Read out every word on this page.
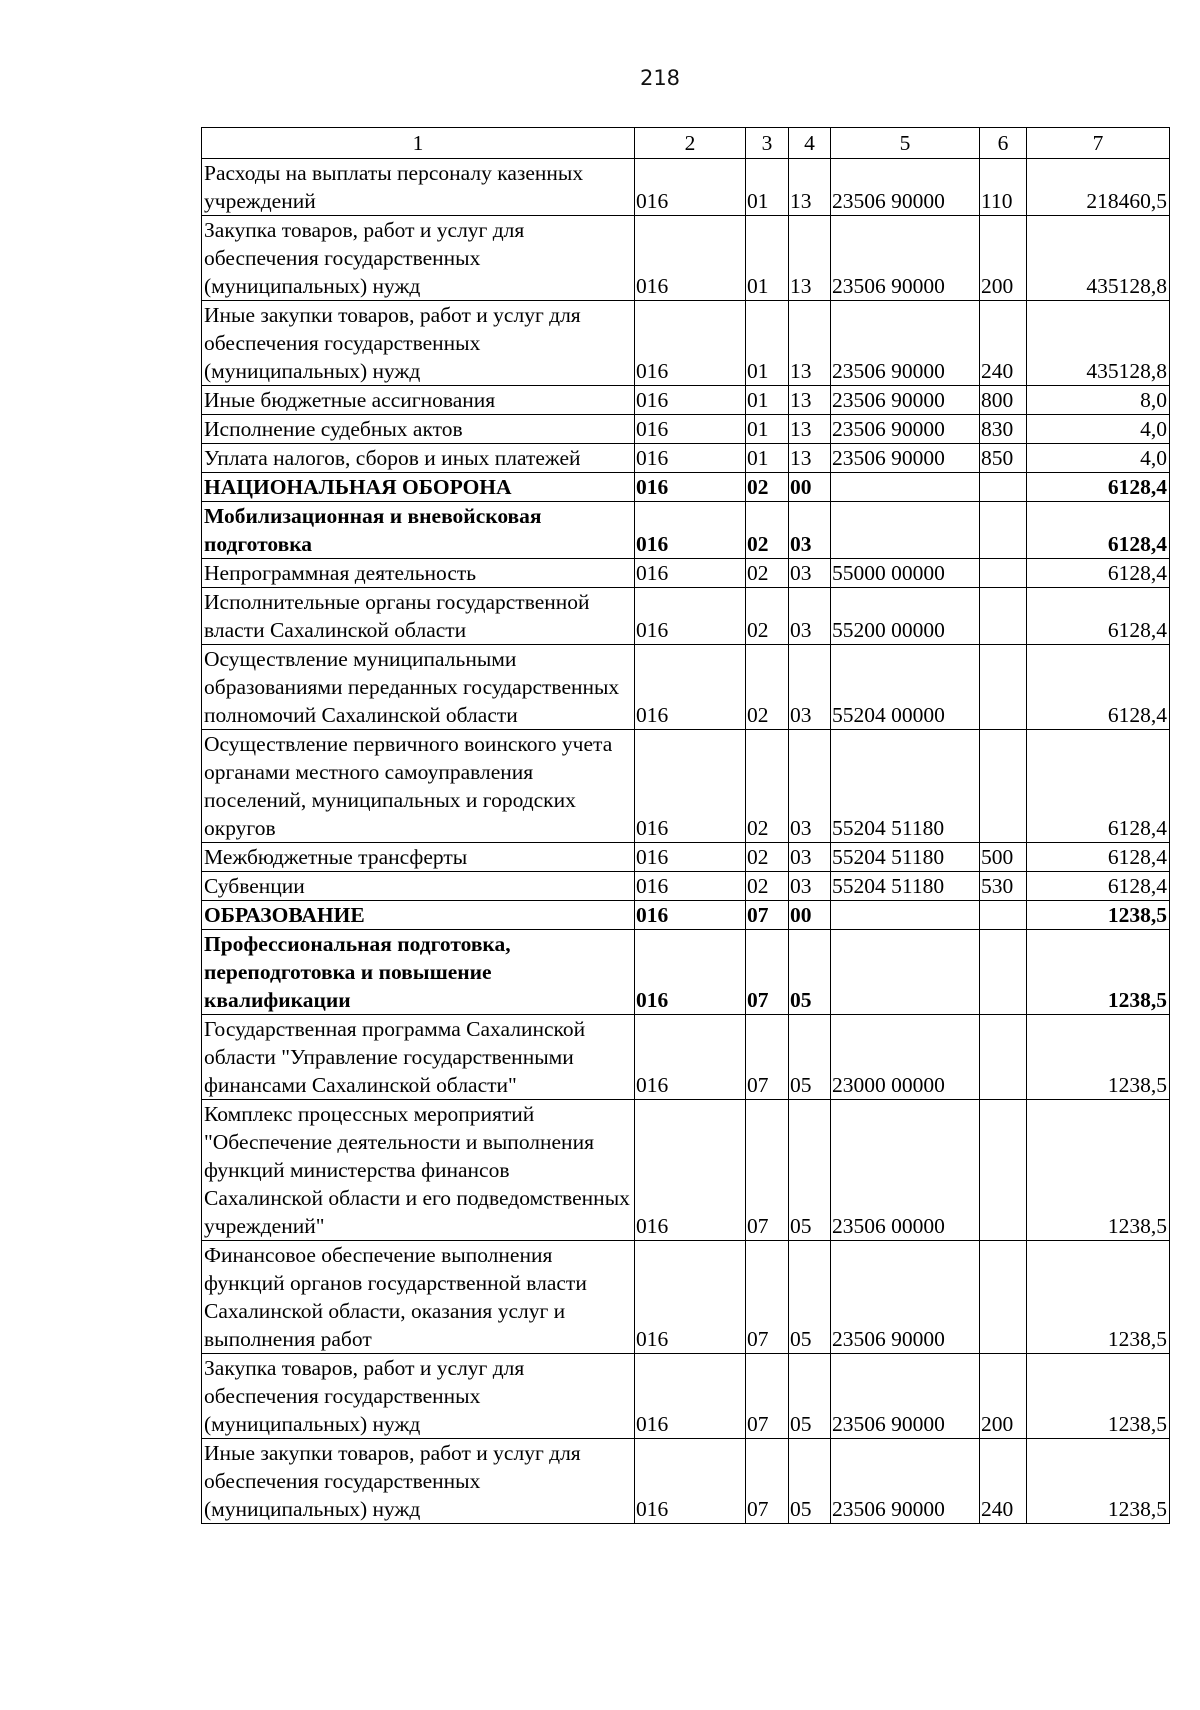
218
1	2	3	4	5	6	7
Расходы на выплаты персоналу казенных учреждений	016	01	13	23506 90000	110	218460,5
Закупка товаров, работ и услуг для обеспечения государственных (муниципальных) нужд	016	01	13	23506 90000	200	435128,8
Иные закупки товаров, работ и услуг для обеспечения государственных (муниципальных) нужд	016	01	13	23506 90000	240	435128,8
Иные бюджетные ассигнования	016	01	13	23506 90000	800	8,0
Исполнение судебных актов	016	01	13	23506 90000	830	4,0
Уплата налогов, сборов и иных платежей	016	01	13	23506 90000	850	4,0
НАЦИОНАЛЬНАЯ ОБОРОНА	016	02	00			6128,4
Мобилизационная и вневойсковая подготовка	016	02	03			6128,4
Непрограммная деятельность	016	02	03	55000 00000		6128,4
Исполнительные органы государственной власти Сахалинской области	016	02	03	55200 00000		6128,4
Осуществление муниципальными образованиями переданных государственных полномочий Сахалинской области	016	02	03	55204 00000		6128,4
Осуществление первичного воинского учета органами местного самоуправления поселений, муниципальных и городских округов	016	02	03	55204 51180		6128,4
Межбюджетные трансферты	016	02	03	55204 51180	500	6128,4
Субвенции	016	02	03	55204 51180	530	6128,4
ОБРАЗОВАНИЕ	016	07	00			1238,5
Профессиональная подготовка, переподготовка и повышение квалификации	016	07	05			1238,5
Государственная программа Сахалинской области "Управление государственными финансами Сахалинской области"	016	07	05	23000 00000		1238,5
Комплекс процессных мероприятий "Обеспечение деятельности и выполнения функций министерства финансов Сахалинской области и его подведомственных учреждений"	016	07	05	23506 00000		1238,5
Финансовое обеспечение выполнения функций органов государственной власти Сахалинской области, оказания услуг и выполнения работ	016	07	05	23506 90000		1238,5
Закупка товаров, работ и услуг для обеспечения государственных (муниципальных) нужд	016	07	05	23506 90000	200	1238,5
Иные закупки товаров, работ и услуг для обеспечения государственных (муниципальных) нужд	016	07	05	23506 90000	240	1238,5
